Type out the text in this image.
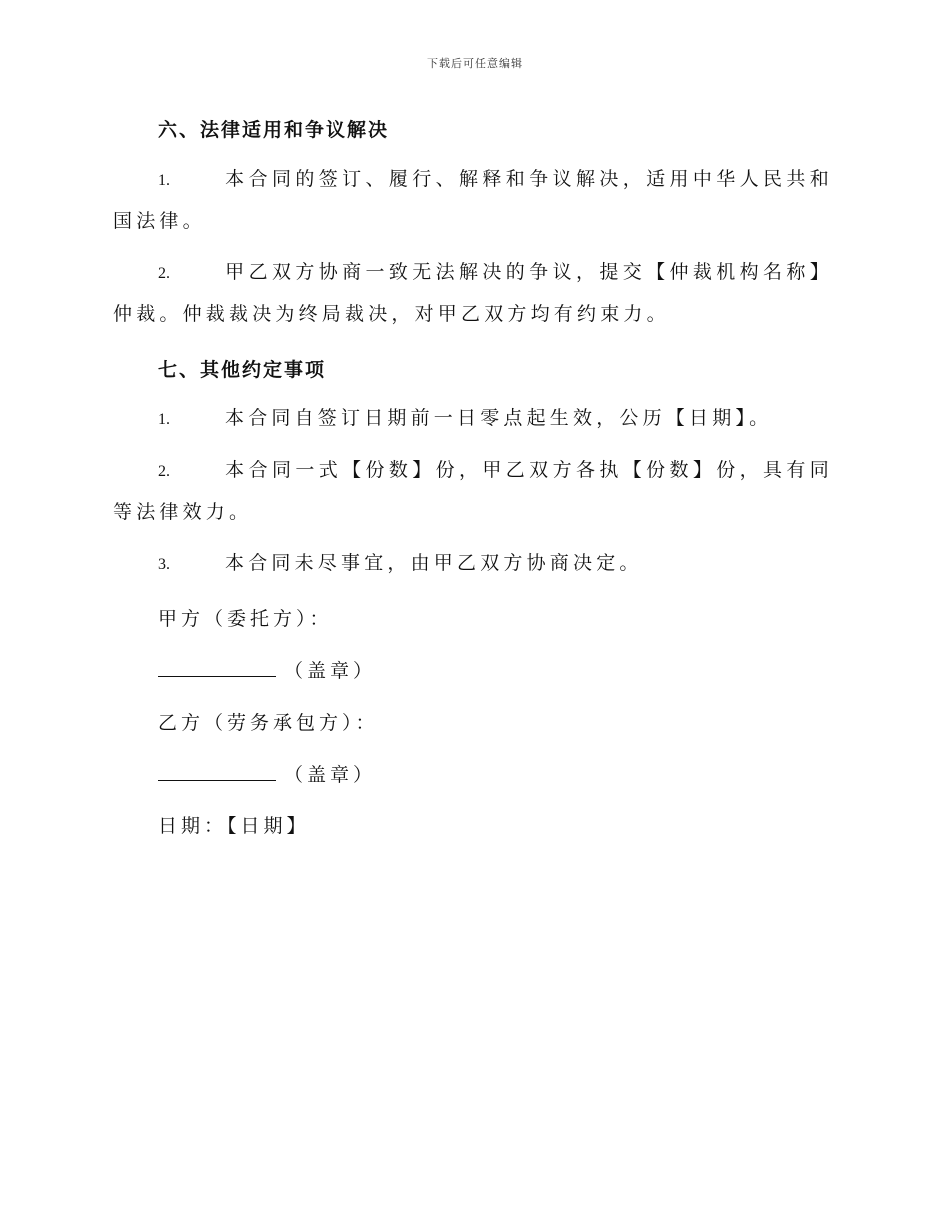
下载后可任意编辑
六、法律适用和争议解决
1.	本合同的签订、履行、解释和争议解决，适用中华人民共和国法律。
2.	甲乙双方协商一致无法解决的争议，提交【仲裁机构名称】仲裁。仲裁裁决为终局裁决，对甲乙双方均有约束力。
七、其他约定事项
1.	本合同自签订日期前一日零点起生效，公历【日期】。
2.	本合同一式【份数】份，甲乙双方各执【份数】份，具有同等法律效力。
3.	本合同未尽事宜，由甲乙双方协商决定。
甲方（委托方）：
（盖章）
乙方（劳务承包方）：
（盖章）
日期：【日期】
